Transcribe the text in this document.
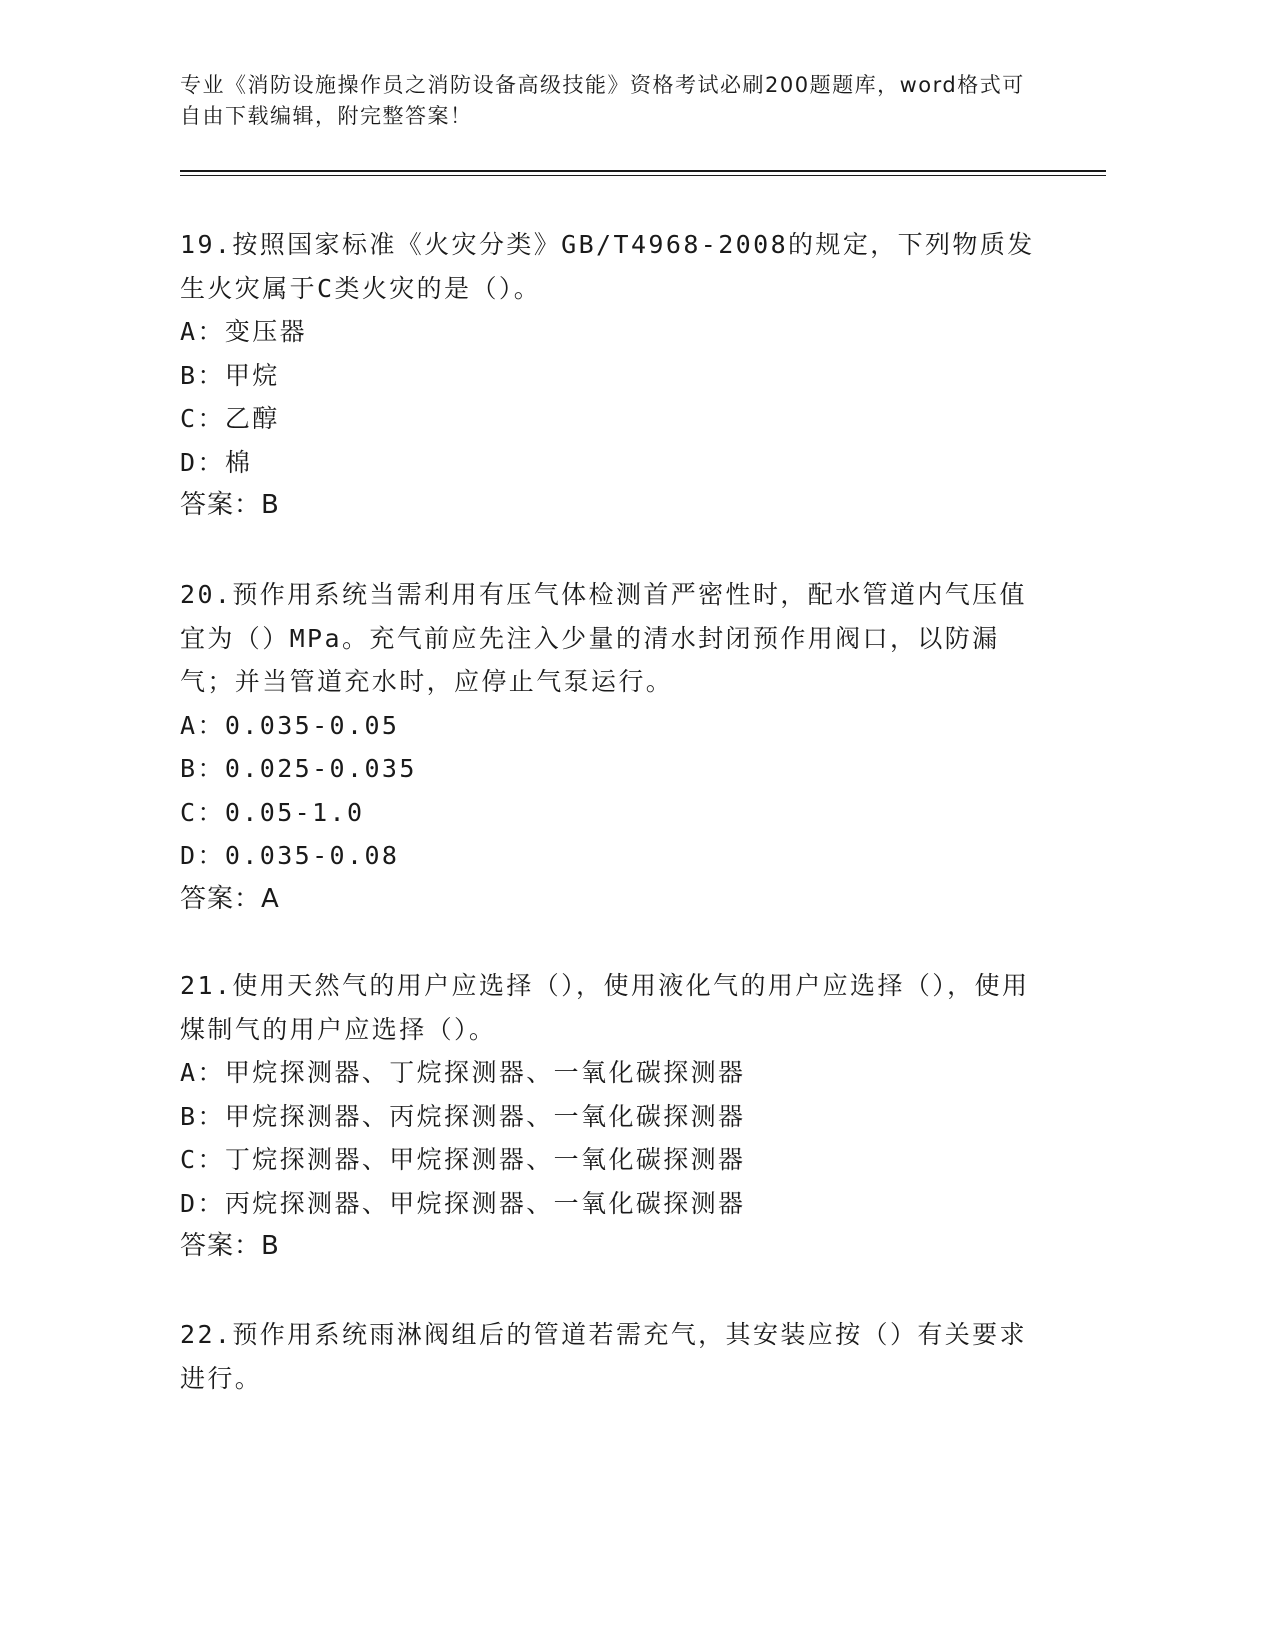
专业《消防设施操作员之消防设备高级技能》资格考试必刷200题题库，word格式可自由下载编辑，附完整答案！
19.按照国家标准《火灾分类》GB/T4968-2008的规定，下列物质发生火灾属于C类火灾的是（）。
A：变压器
B：甲烷
C：乙醇
D：棉
答案：B
20.预作用系统当需利用有压气体检测首严密性时，配水管道内气压值宜为（）MPa。充气前应先注入少量的清水封闭预作用阀口，以防漏气；并当管道充水时，应停止气泵运行。
A：0.035-0.05
B：0.025-0.035
C：0.05-1.0
D：0.035-0.08
答案：A
21.使用天然气的用户应选择（），使用液化气的用户应选择（），使用煤制气的用户应选择（）。
A：甲烷探测器、丁烷探测器、一氧化碳探测器
B：甲烷探测器、丙烷探测器、一氧化碳探测器
C：丁烷探测器、甲烷探测器、一氧化碳探测器
D：丙烷探测器、甲烷探测器、一氧化碳探测器
答案：B
22.预作用系统雨淋阀组后的管道若需充气，其安装应按（）有关要求进行。
